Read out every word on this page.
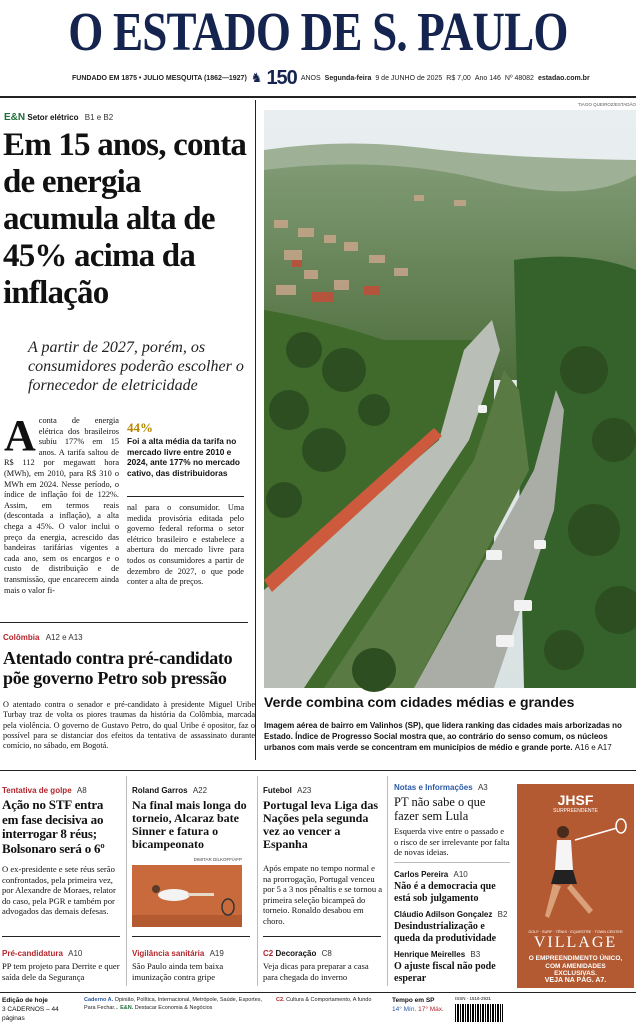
O ESTADO DE S. PAULO
FUNDADO EM 1875 • JULIO MESQUITA (1862—1927) ♞ 150 ANOS Segunda-feira 9 de JUNHO de 2025 R$ 7,00 Ano 146 Nº 48082 estadao.com.br
E&N Setor elétrico B1 e B2
Em 15 anos, conta de energia acumula alta de 45% acima da inflação
A partir de 2027, porém, os consumidores poderão escolher o fornecedor de eletricidade
A conta de energia elétrica dos brasileiros subiu 177% em 15 anos. A tarifa saltou de R$ 112 por megawatt hora (MWh), em 2010, para R$ 310 o MWh em 2024. Nesse período, o índice de inflação foi de 122%. Assim, em termos reais (descontada a inflação), a alta chega a 45%. O valor inclui o preço da energia, acrescido das bandeiras tarifárias vigentes a cada ano, sem os encargos e o custo de distribuição e de transmissão, que encarecem ainda mais o valor fi-
44%
Foi a alta média da tarifa no mercado livre entre 2010 e 2024, ante 177% no mercado cativo, das distribuidoras
nal para o consumidor. Uma medida provisória editada pelo governo federal reforma o setor elétrico brasileiro e estabelece a abertura do mercado livre para todos os consumidores a partir de dezembro de 2027, o que pode conter a alta de preços.
Colômbia A12 e A13
Atentado contra pré-candidato põe governo Petro sob pressão
O atentado contra o senador e pré-candidato à presidente Miguel Uribe Turbay traz de volta os piores traumas da história da Colômbia, marcada pela violência. O governo de Gustavo Petro, do qual Uribe é opositor, faz o possível para se distanciar dos efeitos da tentativa de assassinato durante comício, no sábado, em Bogotá.
TIAGO QUEIROZ/ESTADÃO
Verde combina com cidades médias e grandes
Imagem aérea de bairro em Valinhos (SP), que lidera ranking das cidades mais arborizadas no Estado. Índice de Progresso Social mostra que, ao contrário do senso comum, os núcleos urbanos com mais verde se concentram em municípios de médio e grande porte. A16 e A17
Tentativa de golpe A8
Ação no STF entra em fase decisiva ao interrogar 8 réus; Bolsonaro será o 6º
O ex-presidente e sete réus serão confrontados, pela primeira vez, por Alexandre de Moraes, relator do caso, pela PGR e também por advogados das demais defesas.
Pré-candidatura A10
PP tem projeto para Derrite e quer saída dele da Segurança
Roland Garros A22
Na final mais longa do torneio, Alcaraz bate Sinner e fatura o bicampeonato
DIMITAR DILKOFF/AFP
Vigilância sanitária A19
São Paulo ainda tem baixa imunização contra gripe
Futebol A23
Portugal leva Liga das Nações pela segunda vez ao vencer a Espanha
Após empate no tempo normal e na prorrogação, Portugal venceu por 5 a 3 nos pênaltis e se tornou a primeira seleção bicampeã do torneio. Ronaldo desabou em choro.
C2 Decoração C8
Veja dicas para preparar a casa para chegada do inverno
Notas e Informações A3
PT não sabe o que fazer sem Lula
Esquerda vive entre o passado e o risco de ser irrelevante por falta de novas ideias.
Carlos Pereira A10
Não é a democracia que está sob julgamento
Cláudio Adilson Gonçalez B2
Desindustrialização e queda da produtividade
Henrique Meirelles B3
O ajuste fiscal não pode esperar
JHSF
SURPREENDENTE
GOLF · SURF · TÊNIS · EQUESTRE · TOWN CENTER
VILLAGE
O EMPREENDIMENTO ÚNICO, COM AMENIDADES EXCLUSIVAS.
VEJA NA PÁG. A7.
Edição de hoje
3 CADERNOS – 44 páginas
Caderno A. Opinião, Política, Internacional, Metrópole, Saúde, Esportes, Para Fechar... E&N. Destacar Economia & Negócios
C2. Cultura & Comportamento, A fundo	Tempo em SP
14° Mín. 17° Máx.
ISSN - 1516-2931
VerCapas.com.br
